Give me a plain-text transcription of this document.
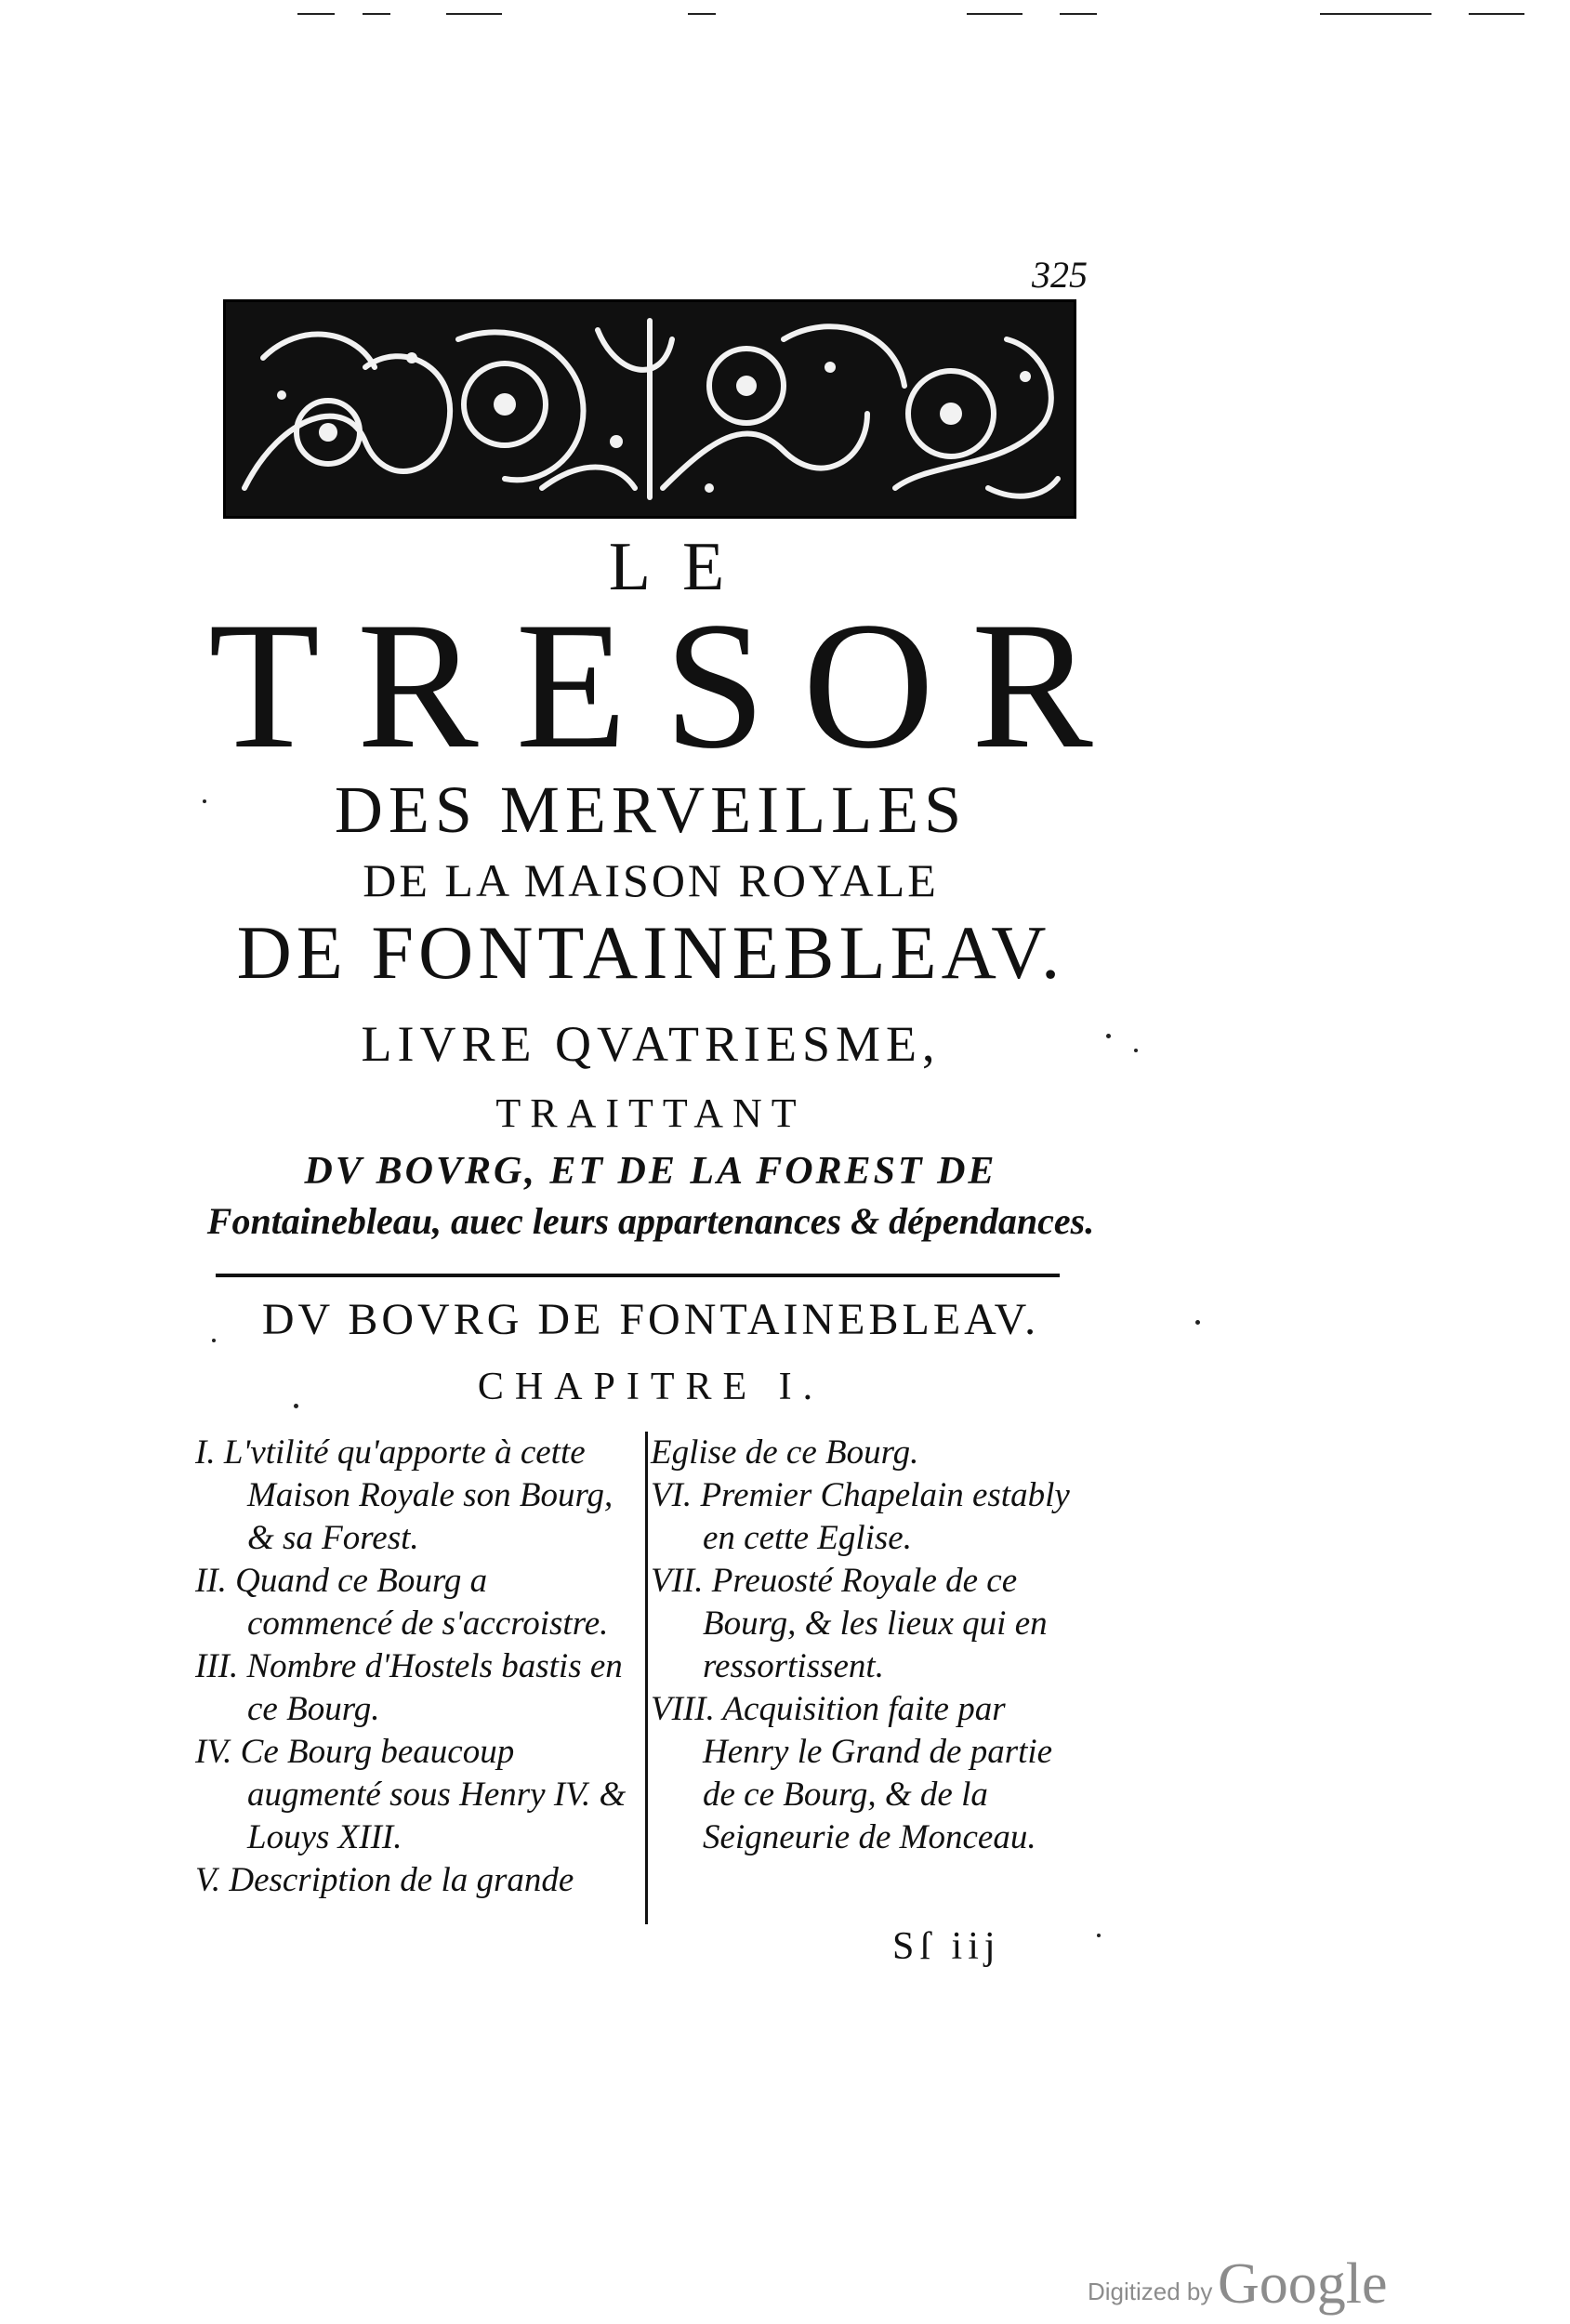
325
LE
TRESOR
DES MERVEILLES
DE LA MAISON ROYALE
DE FONTAINEBLEAV.
LIVRE QVATRIESME,
TRAITTANT
DV BOVRG, ET DE LA FOREST DE
Fontainebleau, auec leurs appartenances & dépendances.
DV BOVRG DE FONTAINEBLEAV.
CHAPITRE I.

I. L'vtilité qu'apporte à cette Maison Royale son Bourg, & sa Forest.

II. Quand ce Bourg a commencé de s'accroistre.

III. Nombre d'Hostels bastis en ce Bourg.

IV. Ce Bourg beaucoup augmenté sous Henry IV. & Louys XIII.

V. Description de la grande

Eglise de ce Bourg.

VI. Premier Chapelain estably en cette Eglise.

VII. Preuosté Royale de ce Bourg, & les lieux qui en ressortissent.

VIII. Acquisition faite par Henry le Grand de partie de ce Bourg, & de la Seigneurie de Monceau.

Sſ iij
Digitized by Google
